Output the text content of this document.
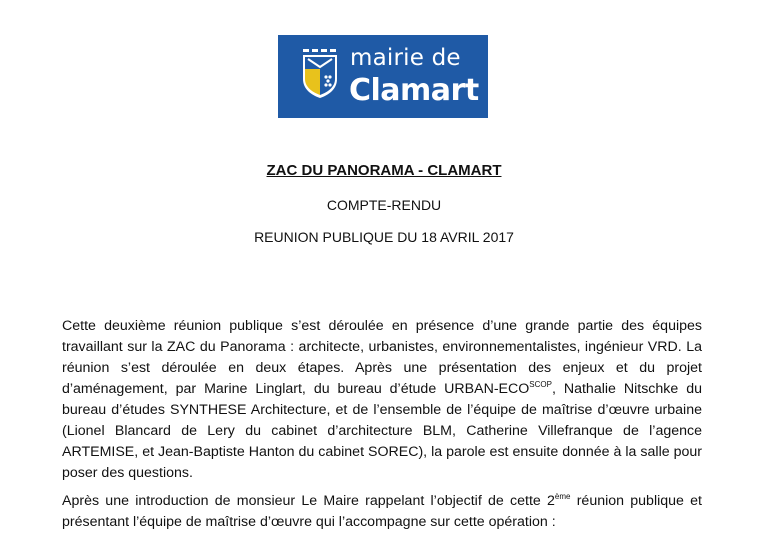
mairie de
Clamart
ZAC DU PANORAMA - CLAMART
COMPTE-RENDU
REUNION PUBLIQUE DU 18 AVRIL 2017
Cette deuxième réunion publique s’est déroulée en présence d’une grande partie des équipes travaillant sur la ZAC du Panorama : architecte, urbanistes, environnementalistes, ingénieur VRD. La réunion s’est déroulée en deux étapes. Après une présentation des enjeux et du projet d’aménagement, par Marine Linglart, du bureau d’étude URBAN-$ECO^{SCOP}$, Nathalie Nitschke du bureau d’études SYNTHESE Architecture, et de l’ensemble de l’équipe de maîtrise d’œuvre urbaine (Lionel Blancard de Lery du cabinet d’architecture BLM, Catherine Villefranque de l’agence ARTEMISE, et Jean-Baptiste Hanton du cabinet SOREC), la parole est ensuite donnée à la salle pour poser des questions.
Après une introduction de monsieur Le Maire rappelant l’objectif de cette 2ème réunion publique et présentant l’équipe de maîtrise d’œuvre qui l’accompagne sur cette opération :
